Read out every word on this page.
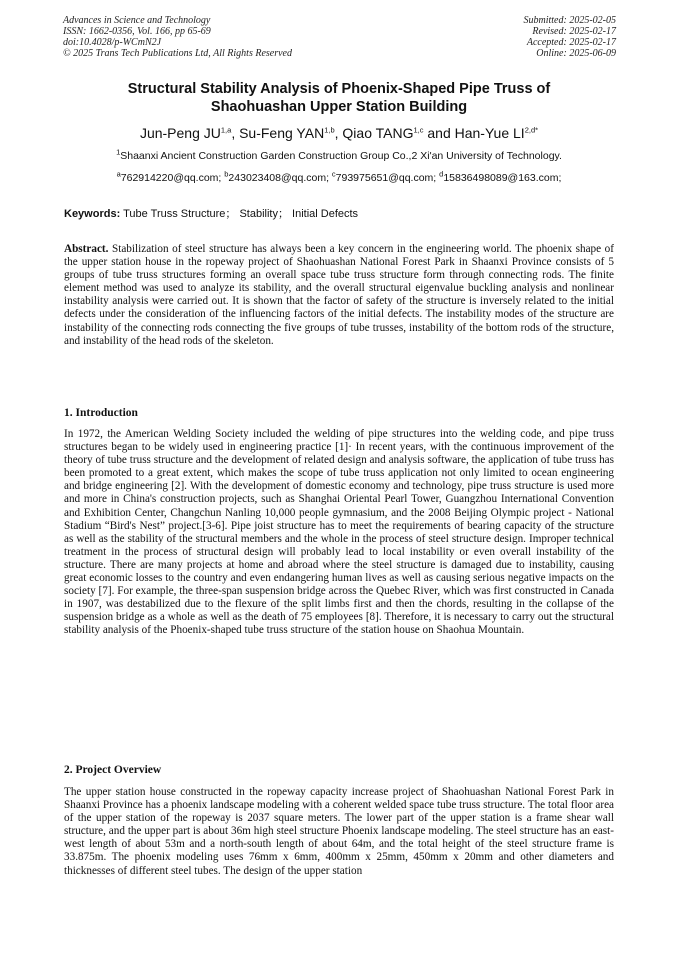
Advances in Science and Technology
ISSN: 1662-0356, Vol. 166, pp 65-69
doi:10.4028/p-WCmN2J
© 2025 Trans Tech Publications Ltd, All Rights Reserved
Submitted: 2025-02-05
Revised: 2025-02-17
Accepted: 2025-02-17
Online: 2025-06-09
Structural Stability Analysis of Phoenix-Shaped Pipe Truss of
Shaohuashan Upper Station Building
Jun-Peng JU$^{1,a}$, Su-Feng YAN$^{1,b}$, Qiao TANG$^{1,c}$ and Han-Yue $LI^{2,d*}$
$^1$Shaanxi Ancient Construction Garden Construction Group Co.,2 Xi'an University of Technology.
$^a$762914220@qq.com; $^b$243023408@qq.com; $^c$793975651@qq.com; $^d$15836498089@163.com;
Keywords: Tube Truss Structure； Stability； Initial Defects
Abstract. Stabilization of steel structure has always been a key concern in the engineering world. The phoenix shape of the upper station house in the ropeway project of Shaohuashan National Forest Park in Shaanxi Province consists of 5 groups of tube truss structures forming an overall space tube truss structure form through connecting rods. The finite element method was used to analyze its stability, and the overall structural eigenvalue buckling analysis and nonlinear instability analysis were carried out. It is shown that the factor of safety of the structure is inversely related to the initial defects under the consideration of the influencing factors of the initial defects. The instability modes of the structure are instability of the connecting rods connecting the five groups of tube trusses, instability of the bottom rods of the structure, and instability of the head rods of the skeleton.
1. Introduction
In 1972, the American Welding Society included the welding of pipe structures into the welding code, and pipe truss structures began to be widely used in engineering practice [1]· In recent years, with the continuous improvement of the theory of tube truss structure and the development of related design and analysis software, the application of tube truss has been promoted to a great extent, which makes the scope of tube truss application not only limited to ocean engineering and bridge engineering [2]. With the development of domestic economy and technology, pipe truss structure is used more and more in China's construction projects, such as Shanghai Oriental Pearl Tower, Guangzhou International Convention and Exhibition Center, Changchun Nanling 10,000 people gymnasium, and the 2008 Beijing Olympic project - National Stadium “Bird's Nest” project.[3-6]. Pipe joist structure has to meet the requirements of bearing capacity of the structure as well as the stability of the structural members and the whole in the process of steel structure design. Improper technical treatment in the process of structural design will probably lead to local instability or even overall instability of the structure. There are many projects at home and abroad where the steel structure is damaged due to instability, causing great economic losses to the country and even endangering human lives as well as causing serious negative impacts on the society [7]. For example, the three-span suspension bridge across the Quebec River, which was first constructed in Canada in 1907, was destabilized due to the flexure of the split limbs first and then the chords, resulting in the collapse of the suspension bridge as a whole as well as the death of 75 employees [8]. Therefore, it is necessary to carry out the structural stability analysis of the Phoenix-shaped tube truss structure of the station house on Shaohua Mountain.
2. Project Overview
The upper station house constructed in the ropeway capacity increase project of Shaohuashan National Forest Park in Shaanxi Province has a phoenix landscape modeling with a coherent welded space tube truss structure. The total floor area of the upper station of the ropeway is 2037 square meters. The lower part of the upper station is a frame shear wall structure, and the upper part is about 36m high steel structure Phoenix landscape modeling. The steel structure has an east-west length of about 53m and a north-south length of about 64m, and the total height of the steel structure frame is 33.875m. The phoenix modeling uses 76mm x 6mm, 400mm x 25mm, 450mm x 20mm and other diameters and thicknesses of different steel tubes. The design of the upper station
